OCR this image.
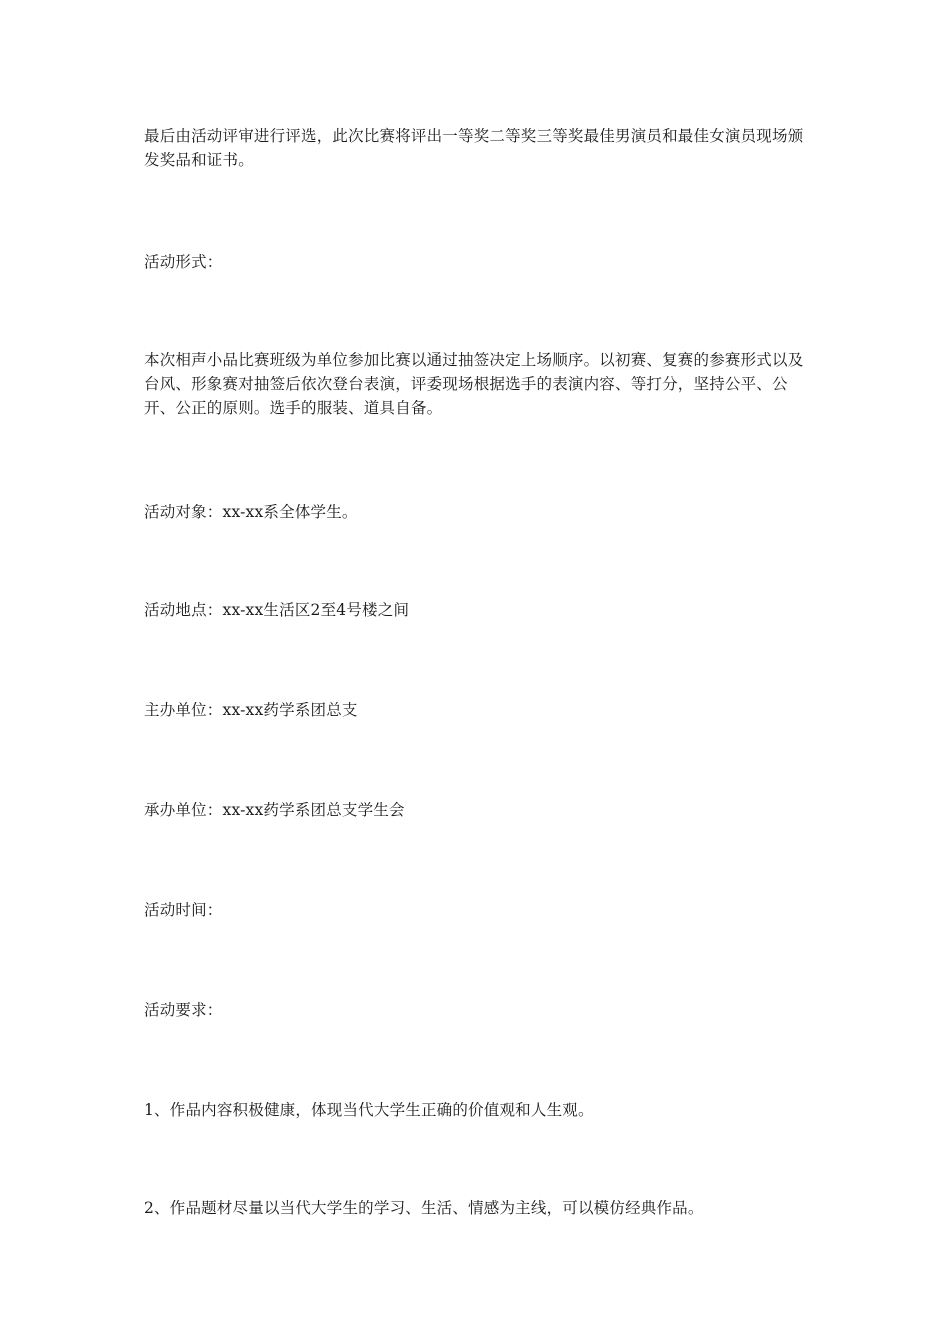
最后由活动评审进行评选，此次比赛将评出一等奖二等奖三等奖最佳男演员和最佳女演员现场颁发奖品和证书。

活动形式：

本次相声小品比赛班级为单位参加比赛以通过抽签决定上场顺序。以初赛、复赛的参赛形式以及台风、形象赛对抽签后依次登台表演，评委现场根据选手的表演内容、等打分，坚持公平、公开、公正的原则。选手的服装、道具自备。

活动对象：xx-xx系全体学生。

活动地点：xx-xx生活区2至4号楼之间

主办单位：xx-xx药学系团总支

承办单位：xx-xx药学系团总支学生会

活动时间：

活动要求：

1、作品内容积极健康，体现当代大学生正确的价值观和人生观。

2、作品题材尽量以当代大学生的学习、生活、情感为主线，可以模仿经典作品。
